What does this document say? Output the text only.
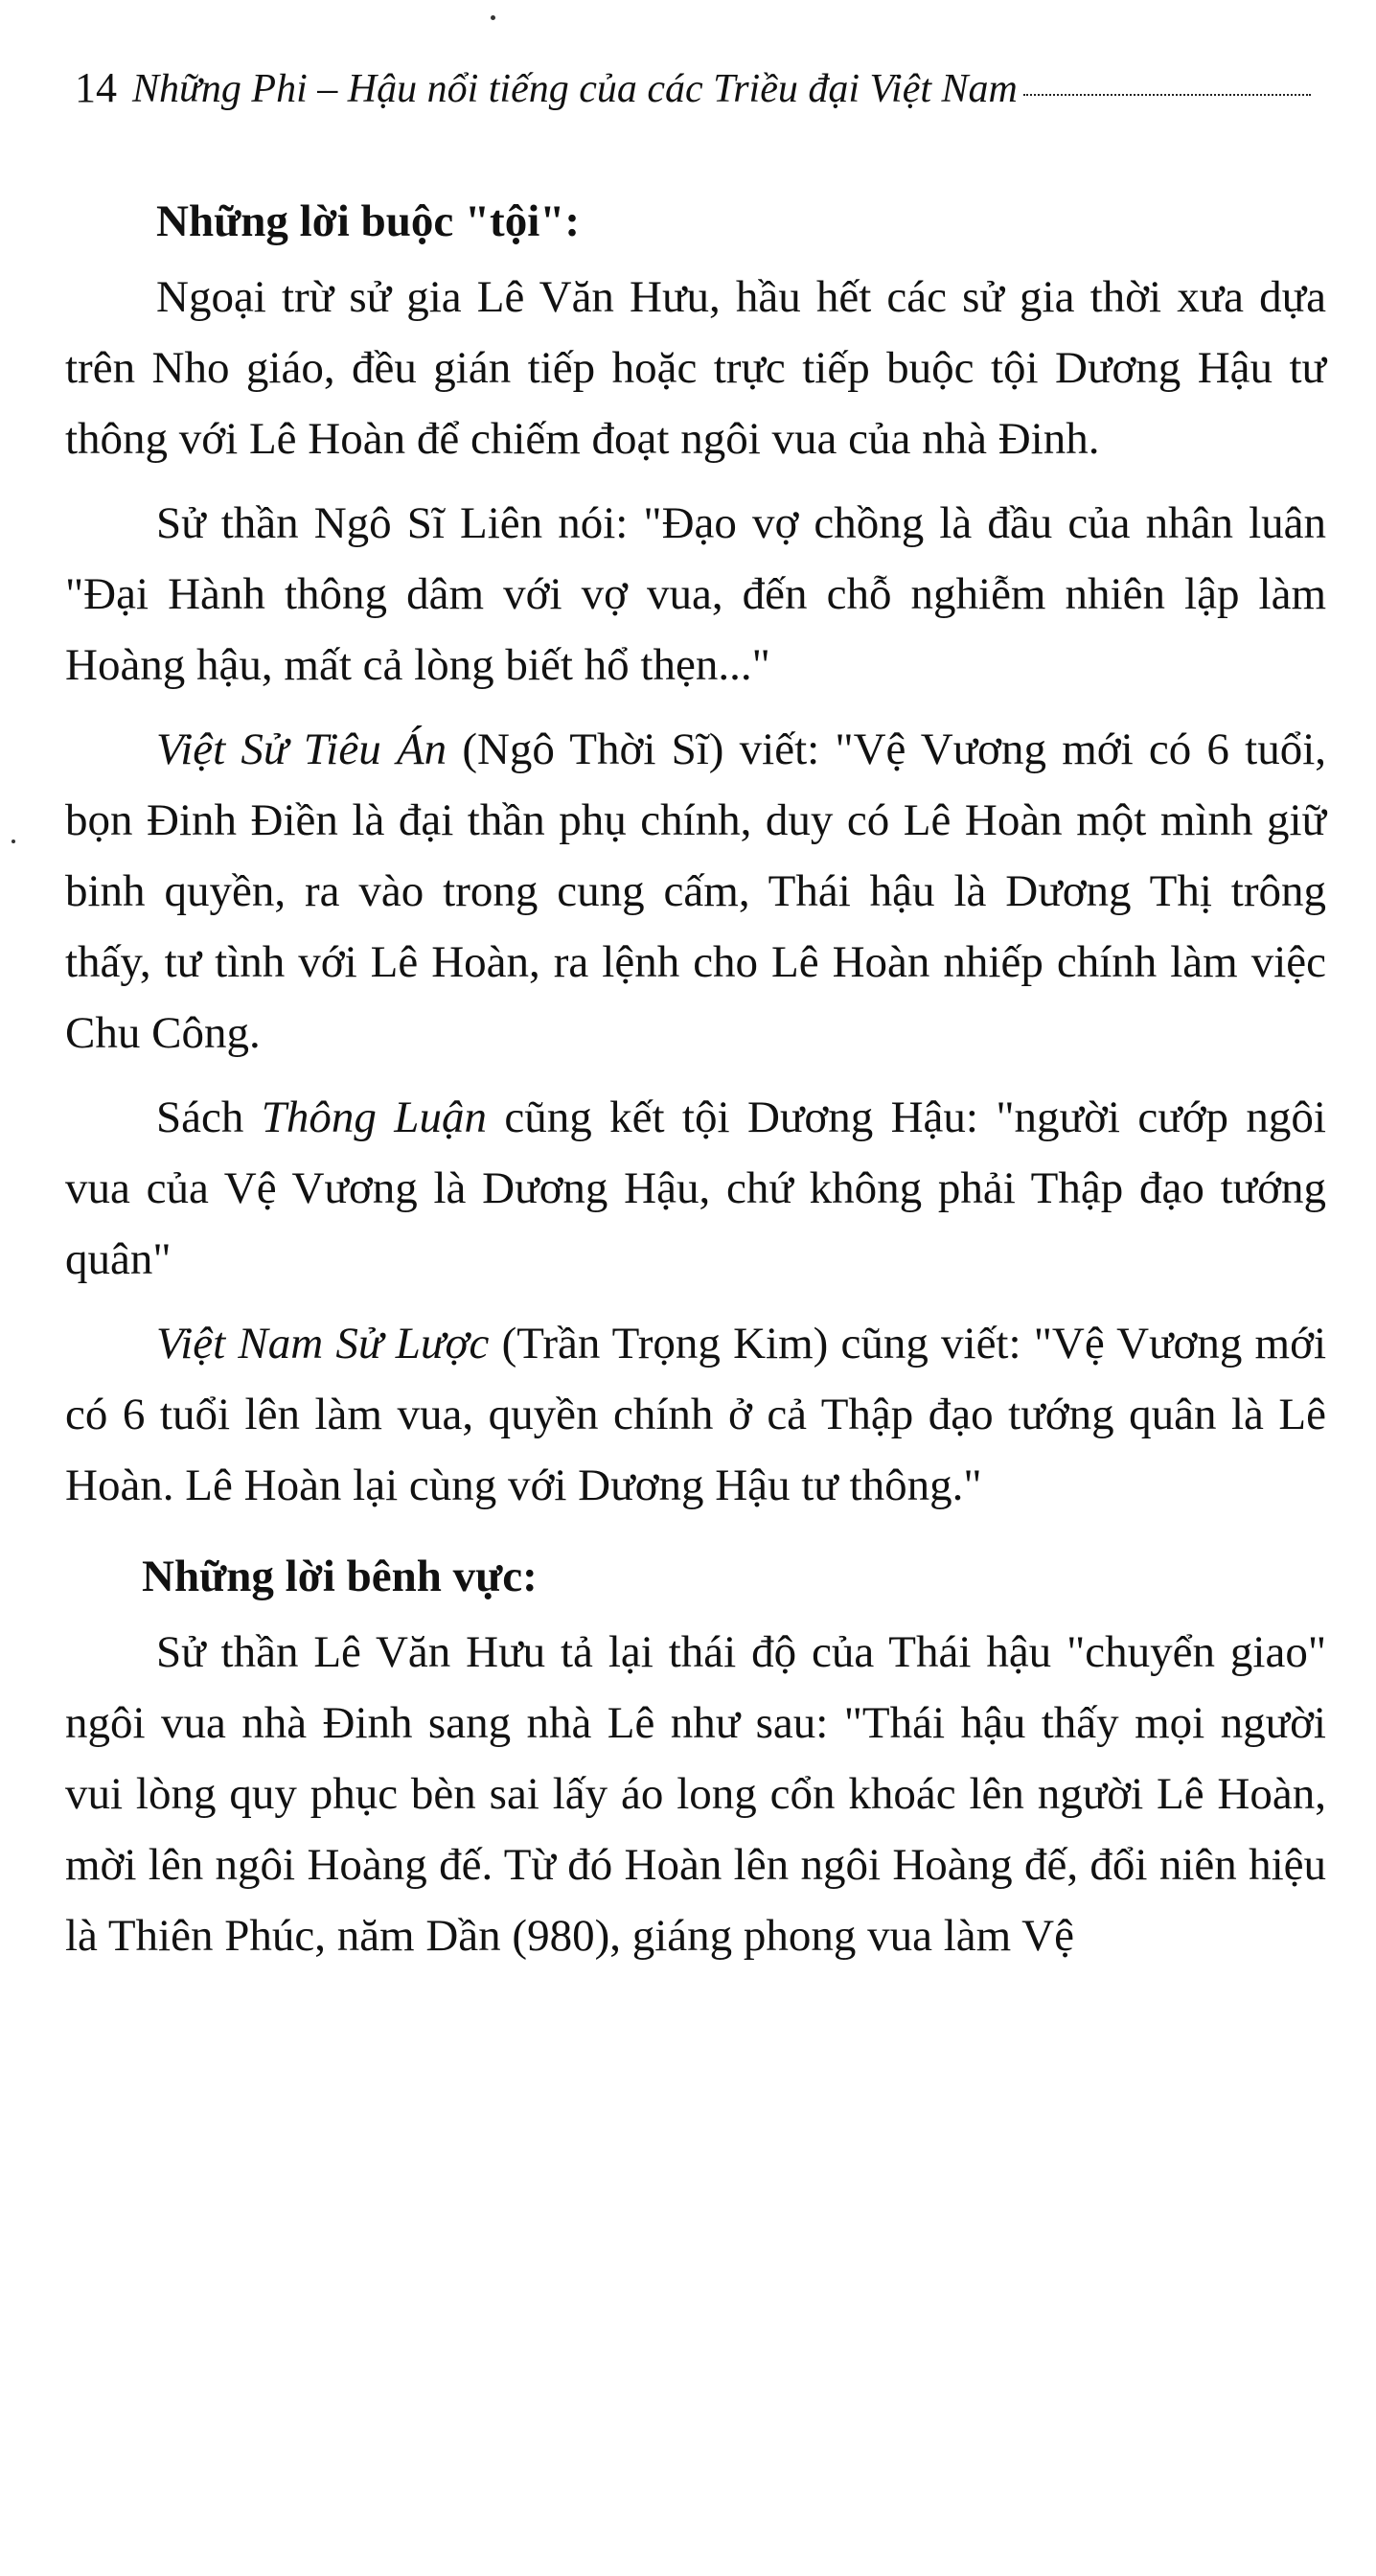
14 Những Phi – Hậu nổi tiếng của các Triều đại Việt Nam
Những lời buộc "tội":

Ngoại trừ sử gia Lê Văn Hưu, hầu hết các sử gia thời xưa dựa trên Nho giáo, đều gián tiếp hoặc trực tiếp buộc tội Dương Hậu tư thông với Lê Hoàn để chiếm đoạt ngôi vua của nhà Đinh.

Sử thần Ngô Sĩ Liên nói: "Đạo vợ chồng là đầu của nhân luân "Đại Hành thông dâm với vợ vua, đến chỗ nghiễm nhiên lập làm Hoàng hậu, mất cả lòng biết hổ thẹn..."

Việt Sử Tiêu Án (Ngô Thời Sĩ) viết: "Vệ Vương mới có 6 tuổi, bọn Đinh Điền là đại thần phụ chính, duy có Lê Hoàn một mình giữ binh quyền, ra vào trong cung cấm, Thái hậu là Dương Thị trông thấy, tư tình với Lê Hoàn, ra lệnh cho Lê Hoàn nhiếp chính làm việc Chu Công.

Sách Thông Luận cũng kết tội Dương Hậu: "người cướp ngôi vua của Vệ Vương là Dương Hậu, chứ không phải Thập đạo tướng quân"

Việt Nam Sử Lược (Trần Trọng Kim) cũng viết: "Vệ Vương mới có 6 tuổi lên làm vua, quyền chính ở cả Thập đạo tướng quân là Lê Hoàn. Lê Hoàn lại cùng với Dương Hậu tư thông."

Những lời bênh vực:

Sử thần Lê Văn Hưu tả lại thái độ của Thái hậu "chuyển giao" ngôi vua nhà Đinh sang nhà Lê như sau: "Thái hậu thấy mọi người vui lòng quy phục bèn sai lấy áo long cổn khoác lên người Lê Hoàn, mời lên ngôi Hoàng đế. Từ đó Hoàn lên ngôi Hoàng đế, đổi niên hiệu là Thiên Phúc, năm Dần (980), giáng phong vua làm Vệ
